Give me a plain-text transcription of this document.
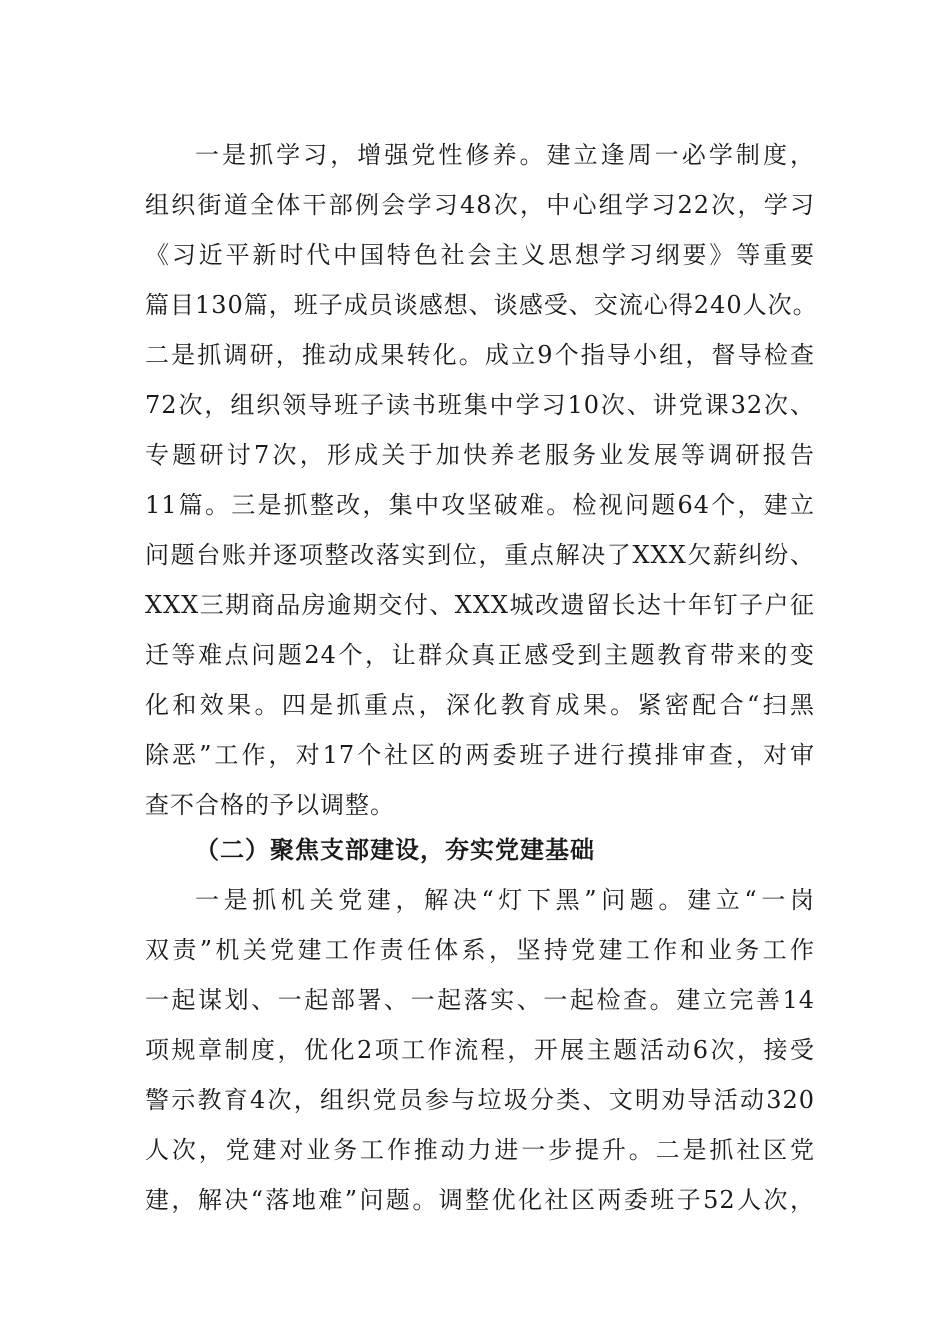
一是抓学习，增强党性修养。建立逢周一必学制度，
组织街道全体干部例会学习48次，中心组学习22次，学习
《习近平新时代中国特色社会主义思想学习纲要》等重要
篇目130篇，班子成员谈感想、谈感受、交流心得240人次。
二是抓调研，推动成果转化。成立9个指导小组，督导检查
72次，组织领导班子读书班集中学习10次、讲党课32次、
专题研讨7次，形成关于加快养老服务业发展等调研报告
11篇。三是抓整改，集中攻坚破难。检视问题64个，建立
问题台账并逐项整改落实到位，重点解决了XXX欠薪纠纷、
XXX三期商品房逾期交付、XXX城改遗留长达十年钉子户征
迁等难点问题24个，让群众真正感受到主题教育带来的变
化和效果。四是抓重点，深化教育成果。紧密配合“扫黑
除恶”工作，对17个社区的两委班子进行摸排审查，对审
查不合格的予以调整。
（二）聚焦支部建设，夯实党建基础
一是抓机关党建，解决“灯下黑”问题。建立“一岗
双责”机关党建工作责任体系，坚持党建工作和业务工作
一起谋划、一起部署、一起落实、一起检查。建立完善14
项规章制度，优化2项工作流程，开展主题活动6次，接受
警示教育4次，组织党员参与垃圾分类、文明劝导活动320
人次，党建对业务工作推动力进一步提升。二是抓社区党
建，解决“落地难”问题。调整优化社区两委班子52人次，
